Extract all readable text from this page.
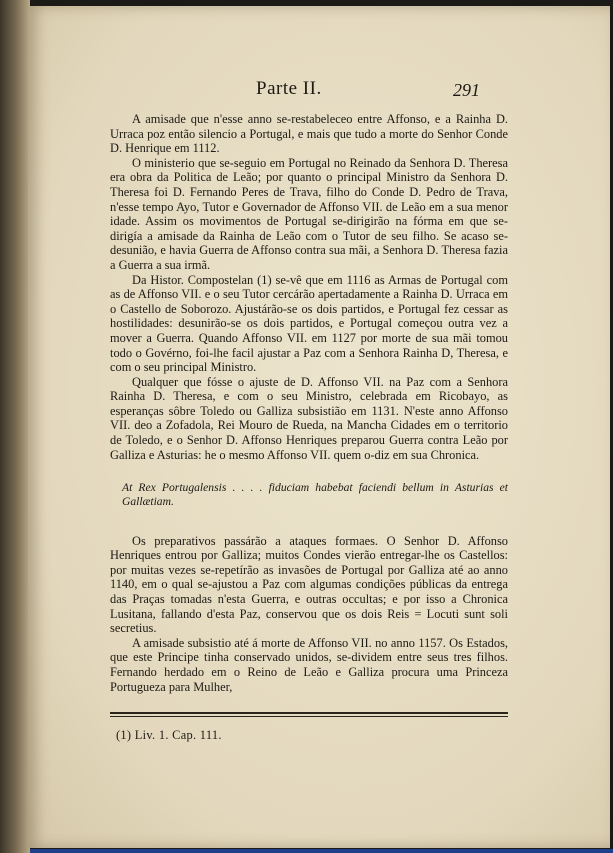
Parte II.	291

A amisade que n'esse anno se-restabeleceo entre Affonso, e a Rainha D. Urraca poz então silencio a Portugal, e mais que tudo a morte do Senhor Conde D. Henrique em 1112.

O ministerio que se-seguio em Portugal no Reinado da Senhora D. Theresa era obra da Politica de Leão; por quanto o principal Ministro da Senhora D. Theresa foi D. Fernando Peres de Trava, filho do Conde D. Pedro de Trava, n'esse tempo Ayo, Tutor e Governador de Affonso VII. de Leão em a sua menor idade. Assim os movimentos de Portugal se-dirigirão na fórma em que se-dirigía a amisade da Rainha de Leão com o Tutor de seu filho. Se acaso se-desunião, e havia Guerra de Affonso contra sua mãi, a Senhora D. Theresa fazia a Guerra a sua irmã.

Da Histor. Compostelan (1) se-vê que em 1116 as Armas de Portugal com as de Affonso VII. e o seu Tutor cercárão apertadamente a Rainha D. Urraca em o Castello de Soborozo. Ajustárão-se os dois partidos, e Portugal fez cessar as hostilidades: desunirão-se os dois partidos, e Portugal começou outra vez a mover a Guerra. Quando Affonso VII. em 1127 por morte de sua mãi tomou todo o Govérno, foi-lhe facil ajustar a Paz com a Senhora Rainha D, Theresa, e com o seu principal Ministro.

Qualquer que fósse o ajuste de D. Affonso VII. na Paz com a Senhora Rainha D. Theresa, e com o seu Ministro, celebrada em Ricobayo, as esperanças sôbre Toledo ou Galliza subsistião em 1131. N'este anno Affonso VII. deo a Zofadola, Rei Mouro de Rueda, na Mancha Cidades em o territorio de Toledo, e o Senhor D. Affonso Henriques preparou Guerra contra Leão por Galliza e Asturias: he o mesmo Affonso VII. quem o-diz em sua Chronica.

At Rex Portugalensis . . . . fiduciam habebat faciendi bellum in Asturias et Gallætiam.

Os preparativos passárão a ataques formaes. O Senhor D. Affonso Henriques entrou por Galliza; muitos Condes vierão entregar-lhe os Castellos: por muitas vezes se-repetírão as invasões de Portugal por Galliza até ao anno 1140, em o qual se-ajustou a Paz com algumas condições públicas da entrega das Praças tomadas n'esta Guerra, e outras occultas; e por isso a Chronica Lusitana, fallando d'esta Paz, conservou que os dois Reis = Locuti sunt soli secretius.

A amisade subsistio até á morte de Affonso VII. no anno 1157. Os Estados, que este Principe tinha conservado unidos, se-dividem entre seus tres filhos. Fernando herdado em o Reino de Leão e Galliza procura uma Princeza Portugueza para Mulher,

(1) Liv. 1. Cap. 111.
